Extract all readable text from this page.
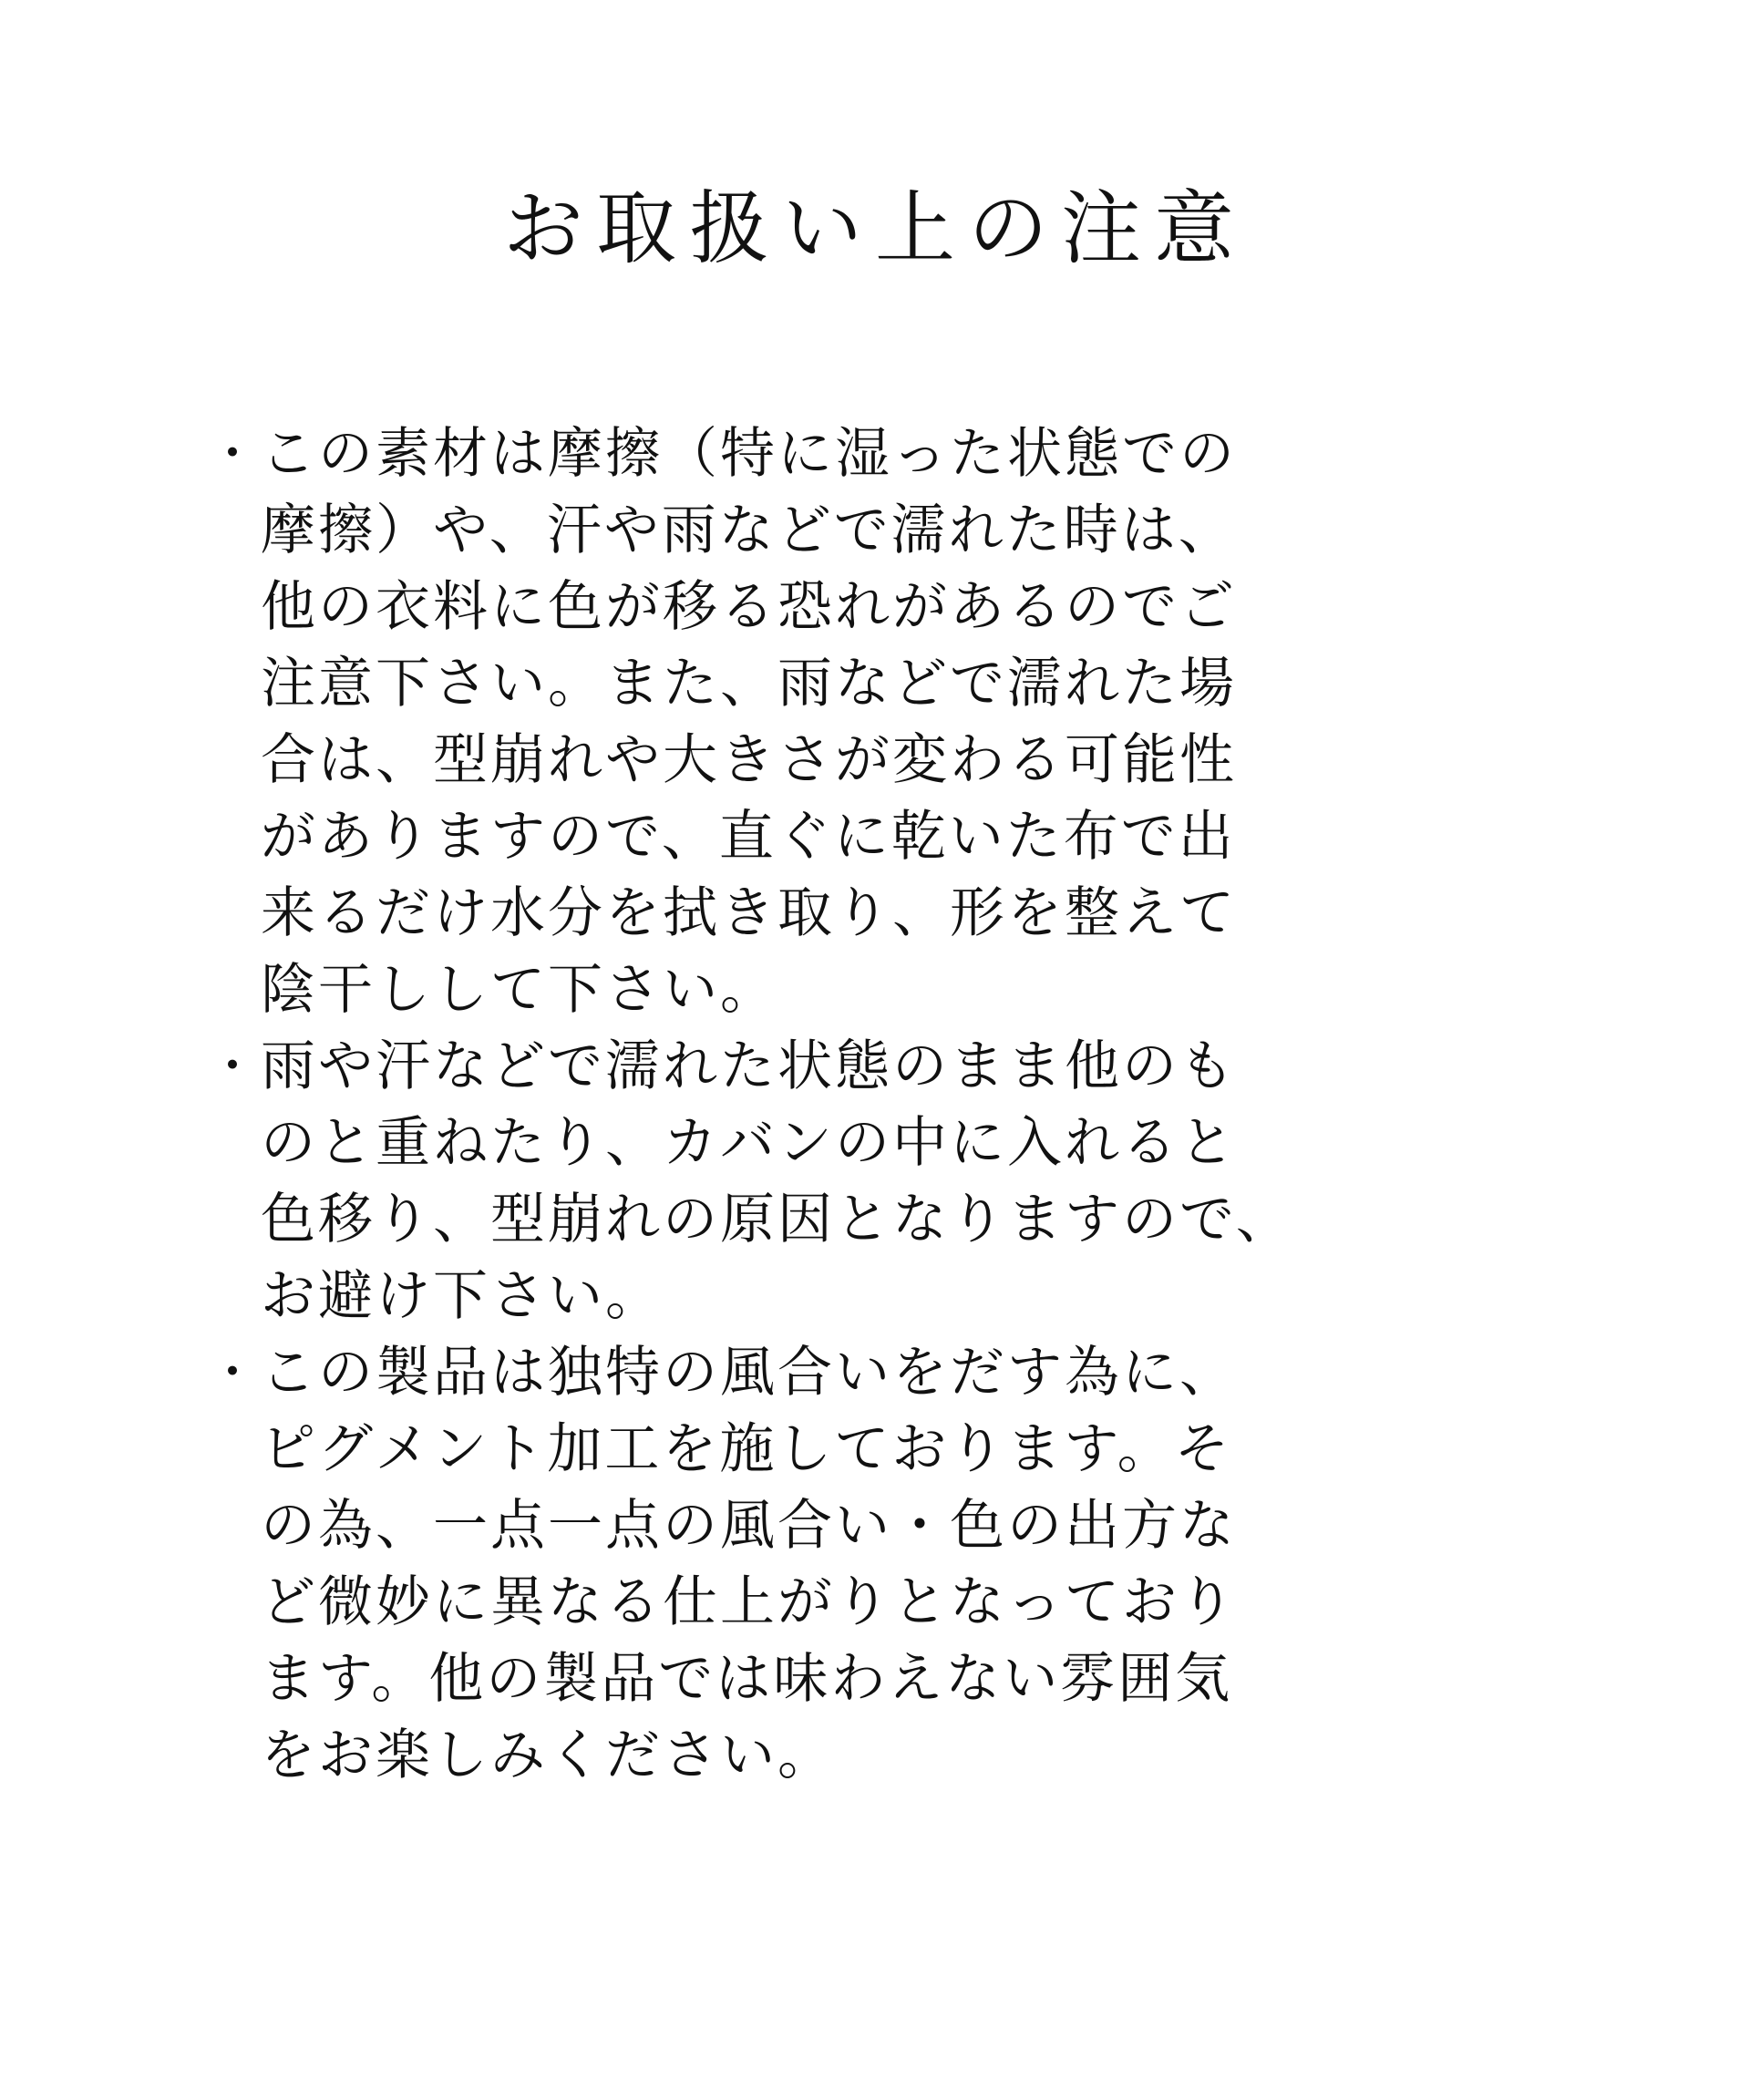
お取扱い上の注意
・ この素材は摩擦（特に湿った状態での
摩擦）や、汗や雨などで濡れた時は、
他の衣料に色が移る恐れがあるのでご
注意下さい。また、雨などで濡れた場
合は、型崩れや大きさが変わる可能性
がありますので、直ぐに乾いた布で出
来るだけ水分を拭き取り、形を整えて
陰干しして下さい。
・ 雨や汗などで濡れた状態のまま他のも
のと重ねたり、カバンの中に入れると
色移り、型崩れの原因となりますので、
お避け下さい。
・ この製品は独特の風合いをだす為に、
ピグメント加工を施しております。そ
の為、一点一点の風合い・色の出方な
ど微妙に異なる仕上がりとなっており
ます。他の製品では味わえない雰囲気
をお楽しみください。
